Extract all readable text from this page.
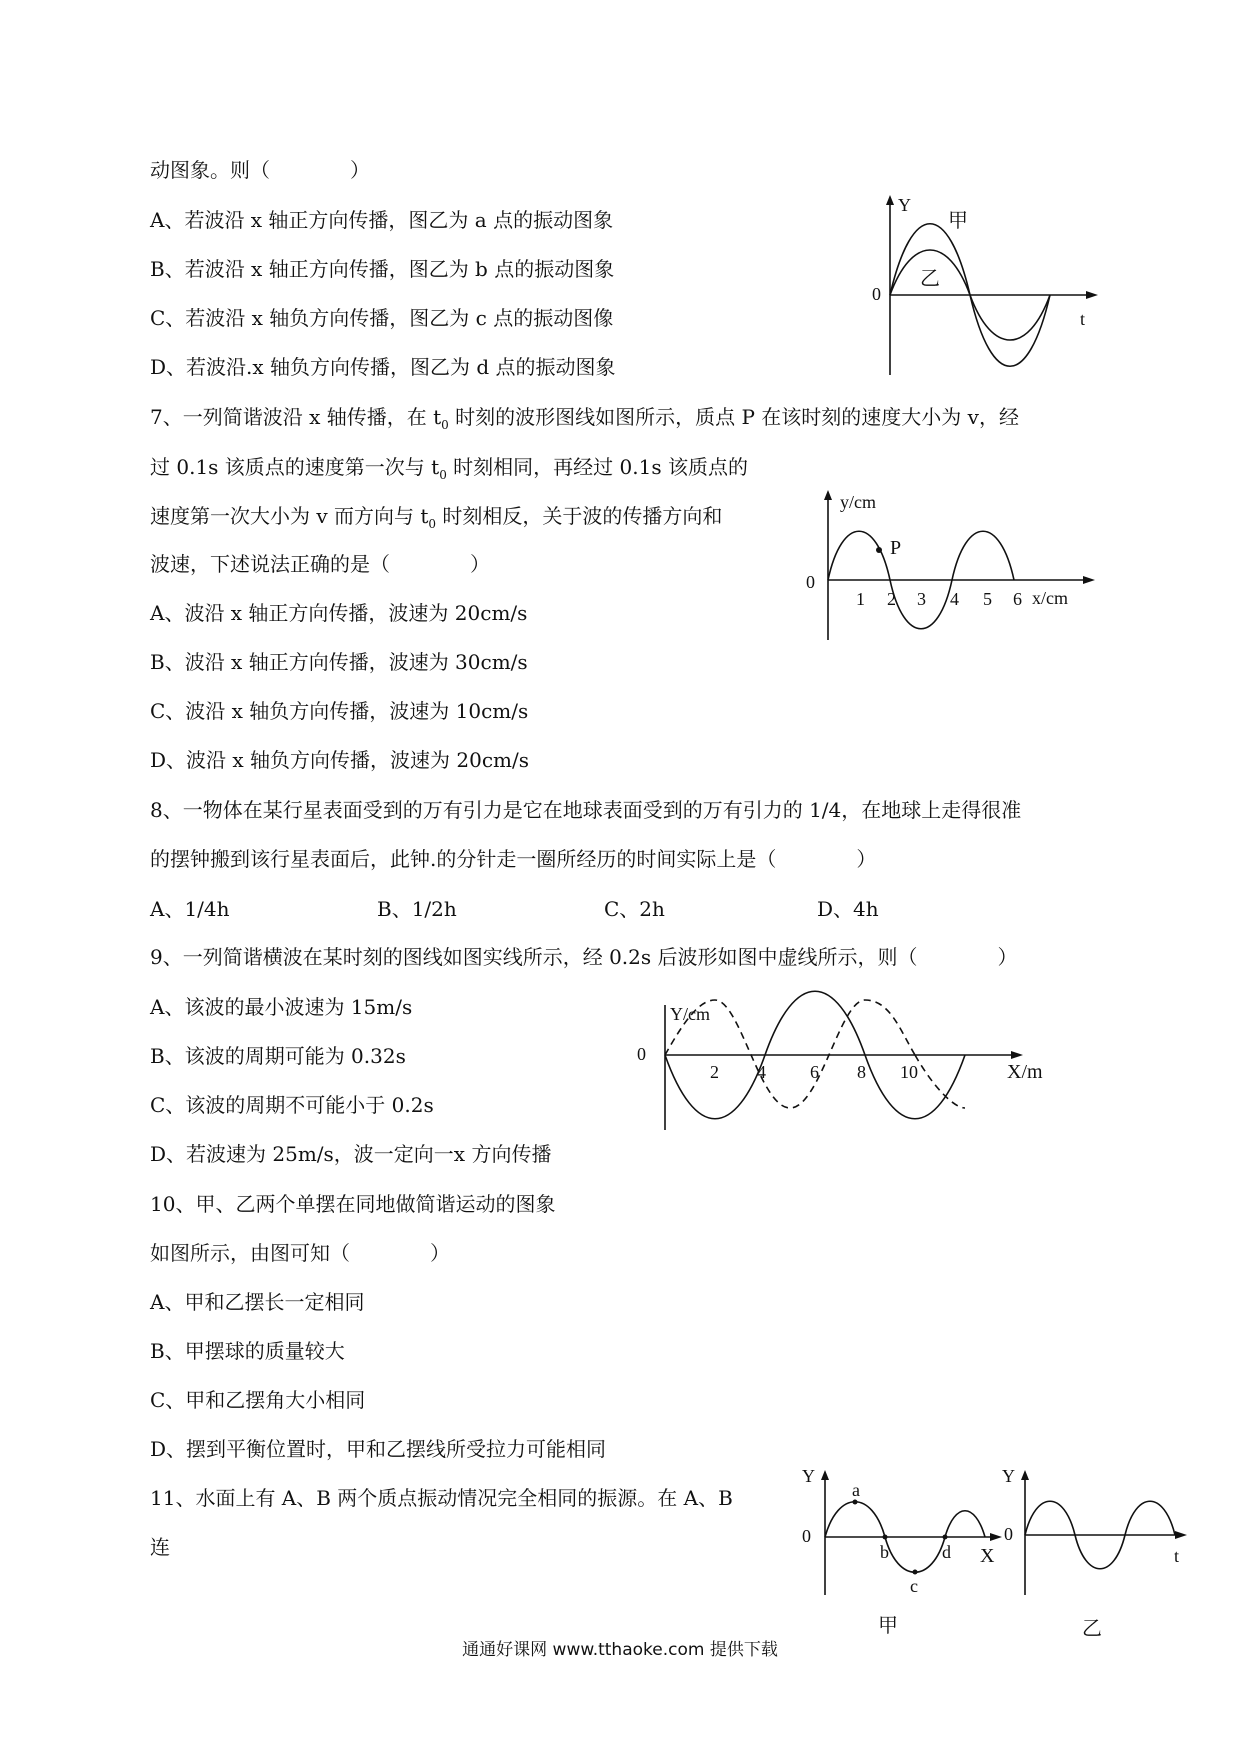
动图象。则（　　　　）
A、若波沿 x 轴正方向传播，图乙为 a 点的振动图象
B、若波沿 x 轴正方向传播，图乙为 b 点的振动图象
C、若波沿 x 轴负方向传播，图乙为 c 点的振动图像
D、若波沿.x 轴负方向传播，图乙为 d 点的振动图象
Y
t
0
甲
乙
7、一列简谐波沿 x 轴传播，在 $t_0$ 时刻的波形图线如图所示，质点 P 在该时刻的速度大小为 v，经
过 0.1s 该质点的速度第一次与 $t_0$ 时刻相同，再经过 0.1s 该质点的
速度第一次大小为 v 而方向与 $t_0$ 时刻相反，关于波的传播方向和
波速，下述说法正确的是（　　　　）
A、波沿 x 轴正方向传播，波速为 20cm/s
B、波沿 x 轴正方向传播，波速为 30cm/s
C、波沿 x 轴负方向传播，波速为 10cm/s
D、波沿 x 轴负方向传播，波速为 20cm/s
y/cm
0
P
1 2 3 4 5 6 x/cm
8、一物体在某行星表面受到的万有引力是它在地球表面受到的万有引力的 1/4，在地球上走得很准
的摆钟搬到该行星表面后，此钟.的分针走一圈所经历的时间实际上是（　　　　）
A、1/4h	B、1/2h	C、2h	D、4h
9、一列简谐横波在某时刻的图线如图实线所示，经 0.2s 后波形如图中虚线所示，则（　　　　）
A、该波的最小波速为 15m/s
B、该波的周期可能为 0.32s
C、该波的周期不可能小于 0.2s
D、若波速为 25m/s，波一定向一x 方向传播
Y/cm
0
2 4 6 8 10	X/m
10、甲、乙两个单摆在同地做简谐运动的图象
如图所示，由图可知（　　　　）
A、甲和乙摆长一定相同
B、甲摆球的质量较大
C、甲和乙摆角大小相同
D、摆到平衡位置时，甲和乙摆线所受拉力可能相同
11、水面上有 A、B 两个质点振动情况完全相同的振源。在 A、B
连
Y
0
a
b
c
d X
甲
Y
0
t
乙
通通好课网 www.tthaoke.com 提供下载
